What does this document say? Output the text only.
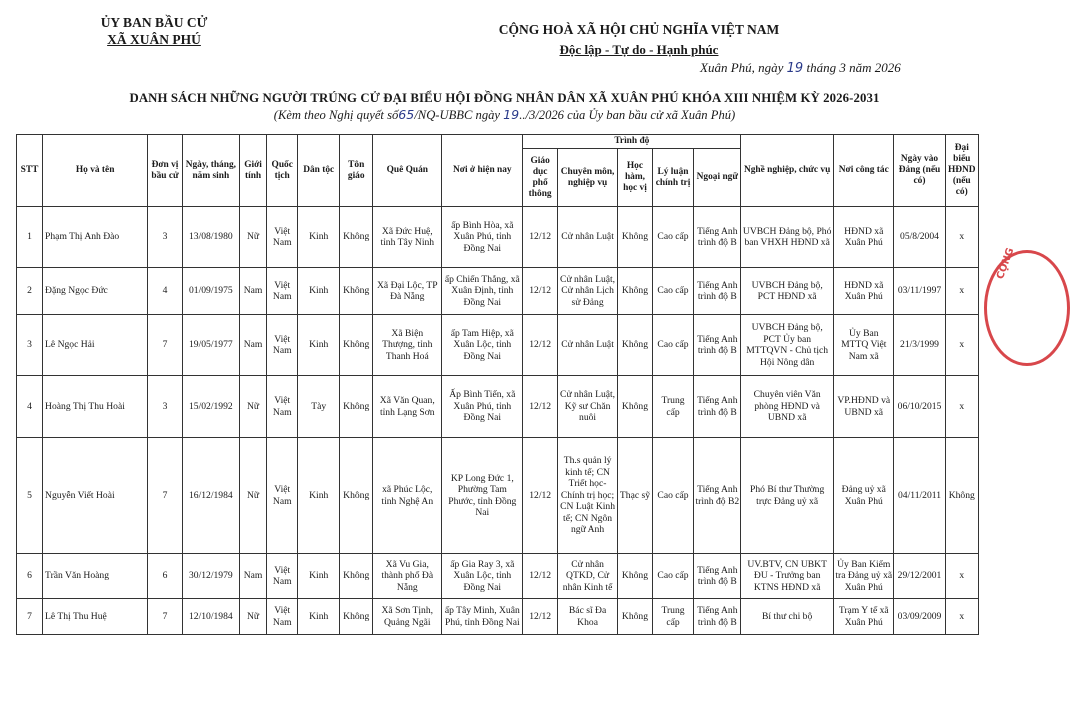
ỦY BAN BẦU CỬ
XÃ XUÂN PHÚ
CỘNG HOÀ XÃ HỘI CHỦ NGHĨA VIỆT NAM
Độc lập - Tự do - Hạnh phúc
Xuân Phú, ngày 19 tháng 3 năm 2026
DANH SÁCH NHỮNG NGƯỜI TRÚNG CỬ ĐẠI BIỂU HỘI ĐỒNG NHÂN DÂN XÃ XUÂN PHÚ KHÓA XIII NHIỆM KỲ 2026-2031
(Kèm theo Nghị quyết số65/NQ-UBBC ngày 19../3/2026 của Ủy ban bầu cử xã Xuân Phú)
STT	Họ và tên	Đơn vị bầu cử	Ngày, tháng, năm sinh	Giới tính	Quốc tịch	Dân tộc	Tôn giáo	Quê Quán	Nơi ở hiện nay	Trình độ					Nghề nghiệp, chức vụ	Nơi công tác	Ngày vào Đảng (nếu có)	Đại biểu HĐND (nếu có)
										Giáo dục phổ thông	Chuyên môn, nghiệp vụ	Học hàm, học vị	Lý luận chính trị	Ngoại ngữ				
1	Phạm Thị Anh Đào	3	13/08/1980	Nữ	Việt Nam	Kinh	Không	Xã Đức Huệ, tỉnh Tây Ninh	ấp Bình Hòa, xã Xuân Phú, tỉnh Đồng Nai	12/12	Cử nhân Luật	Không	Cao cấp	Tiếng Anh trình độ B	UVBCH Đảng bộ, Phó ban VHXH HĐND xã	HĐND xã Xuân Phú	05/8/2004	x
2	Đặng Ngọc Đức	4	01/09/1975	Nam	Việt Nam	Kinh	Không	Xã Đại Lộc, TP Đà Nẵng	ấp Chiến Thắng, xã Xuân Định, tỉnh Đồng Nai	12/12	Cử nhân Luật, Cử nhân Lịch sử Đảng	Không	Cao cấp	Tiếng Anh trình độ B	UVBCH Đảng bộ, PCT HĐND xã	HĐND xã Xuân Phú	03/11/1997	x
3	Lê Ngọc Hải	7	19/05/1977	Nam	Việt Nam	Kinh	Không	Xã Biện Thượng, tỉnh Thanh Hoá	ấp Tam Hiệp, xã Xuân Lộc, tỉnh Đồng Nai	12/12	Cử nhân Luật	Không	Cao cấp	Tiếng Anh trình độ B	UVBCH Đảng bộ, PCT Ủy ban MTTQVN - Chủ tịch Hội Nông dân	Ủy Ban MTTQ Việt Nam xã	21/3/1999	x
4	Hoàng Thị Thu Hoài	3	15/02/1992	Nữ	Việt Nam	Tày	Không	Xã Văn Quan, tỉnh Lạng Sơn	Ấp Bình Tiến, xã Xuân Phú, tỉnh Đồng Nai	12/12	Cử nhân Luật, Kỹ sư Chăn nuôi	Không	Trung cấp	Tiếng Anh trình độ B	Chuyên viên Văn phòng HĐND và UBND xã	VP.HĐND và UBND xã	06/10/2015	x
5	Nguyễn Viết Hoài	7	16/12/1984	Nữ	Việt Nam	Kinh	Không	xã Phúc Lộc, tỉnh Nghệ An	KP Long Đức 1, Phường Tam Phước, tỉnh Đồng Nai	12/12	Th.s quản lý kinh tế; CN Triết học-Chính trị học; CN Luật Kinh tế; CN Ngôn ngữ Anh	Thạc sỹ	Cao cấp	Tiếng Anh trình độ B2	Phó Bí thư Thường trực Đảng uỷ xã	Đảng uỷ xã Xuân Phú	04/11/2011	Không
6	Trần Văn Hoàng	6	30/12/1979	Nam	Việt Nam	Kinh	Không	Xã Vu Gia, thành phố Đà Nẵng	ấp Gia Ray 3, xã Xuân Lộc, tỉnh Đồng Nai	12/12	Cử nhân QTKD, Cử nhân Kinh tế	Không	Cao cấp	Tiếng Anh trình độ B	UV.BTV, CN UBKT ĐU - Trưởng ban KTNS HĐND xã	Ủy Ban Kiểm tra Đảng uỷ xã Xuân Phú	29/12/2001	x
7	Lê Thị Thu Huệ	7	12/10/1984	Nữ	Việt Nam	Kinh	Không	Xã Sơn Tịnh, Quảng Ngãi	ấp Tây Minh, Xuân Phú, tỉnh Đồng Nai	12/12	Bác sĩ Đa Khoa	Không	Trung cấp	Tiếng Anh trình độ B	Bí thư chi bộ	Trạm Y tế xã Xuân Phú	03/09/2009	x
CỘNG
